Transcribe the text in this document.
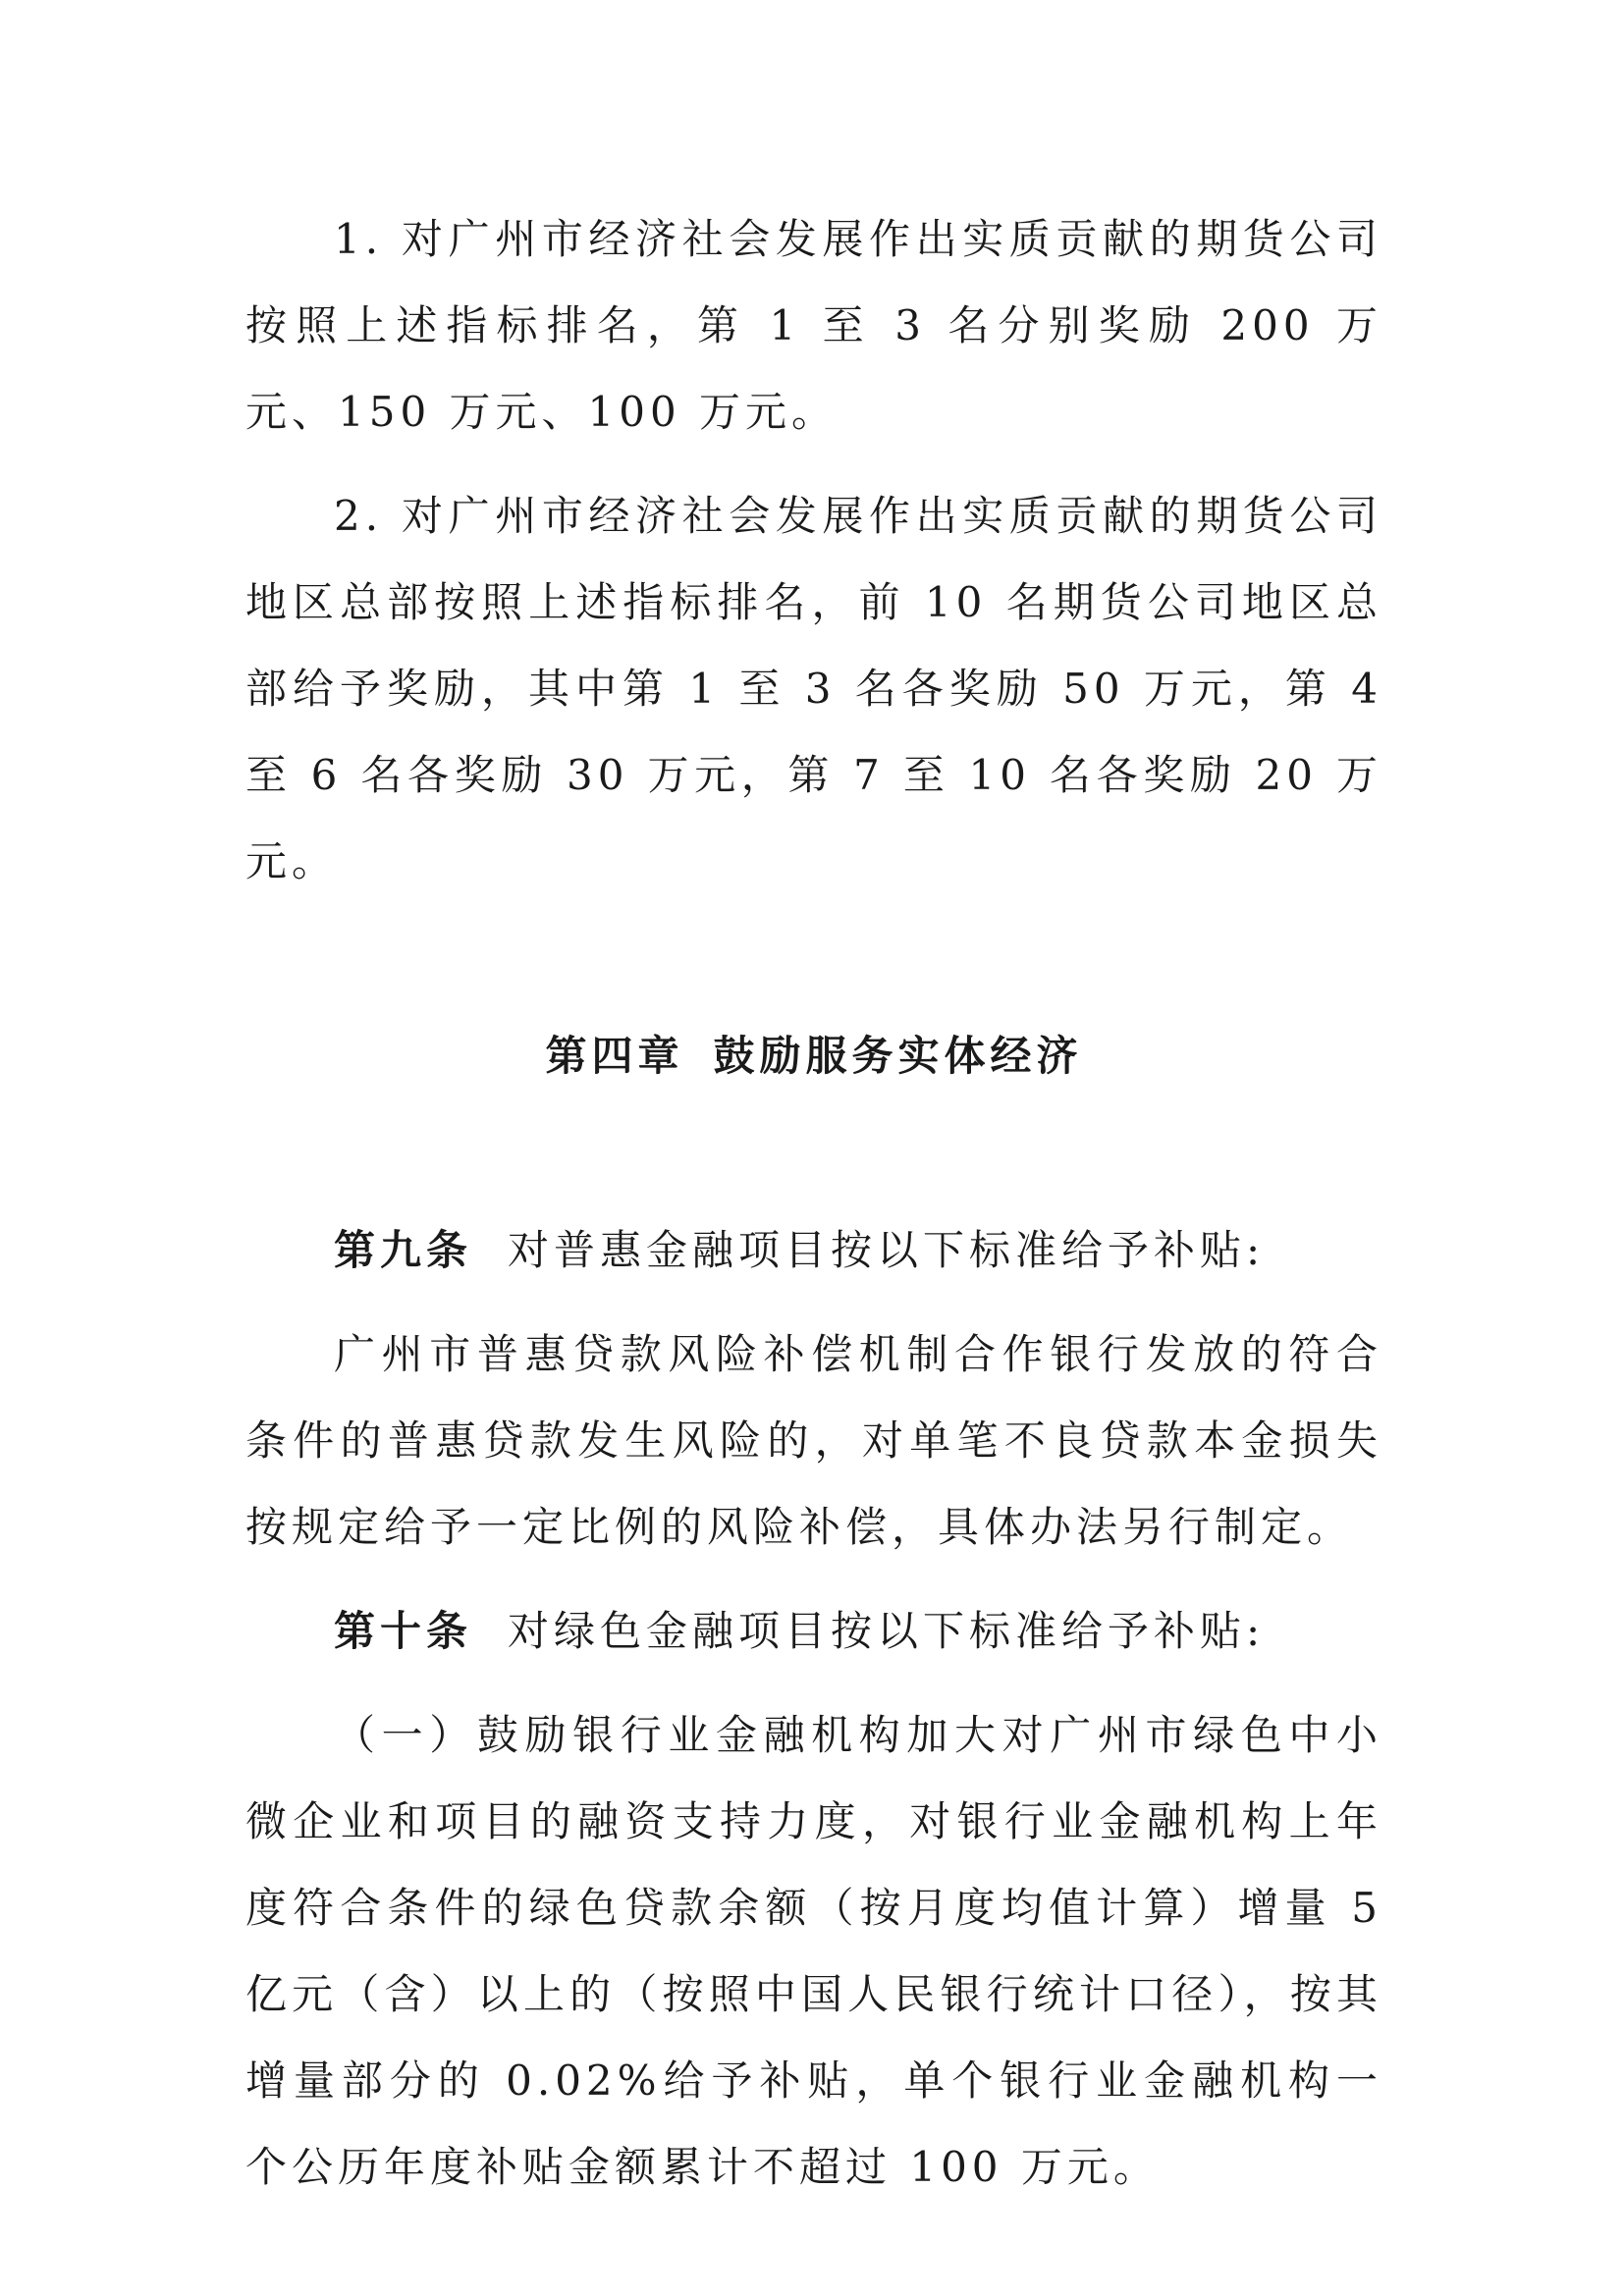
1. 对广州市经济社会发展作出实质贡献的期货公司按照上述指标排名，第 1 至 3 名分别奖励 200 万元、150 万元、100 万元。

2. 对广州市经济社会发展作出实质贡献的期货公司地区总部按照上述指标排名，前 10 名期货公司地区总部给予奖励，其中第 1 至 3 名各奖励 50 万元，第 4 至 6 名各奖励 30 万元，第 7 至 10 名各奖励 20 万元。

第四章 鼓励服务实体经济

第九条 对普惠金融项目按以下标准给予补贴:

广州市普惠贷款风险补偿机制合作银行发放的符合条件的普惠贷款发生风险的，对单笔不良贷款本金损失按规定给予一定比例的风险补偿，具体办法另行制定。

第十条 对绿色金融项目按以下标准给予补贴:

（一）鼓励银行业金融机构加大对广州市绿色中小微企业和项目的融资支持力度，对银行业金融机构上年度符合条件的绿色贷款余额（按月度均值计算）增量 5 亿元（含）以上的（按照中国人民银行统计口径），按其增量部分的 0.02%给予补贴，单个银行业金融机构一个公历年度补贴金额累计不超过 100 万元。
